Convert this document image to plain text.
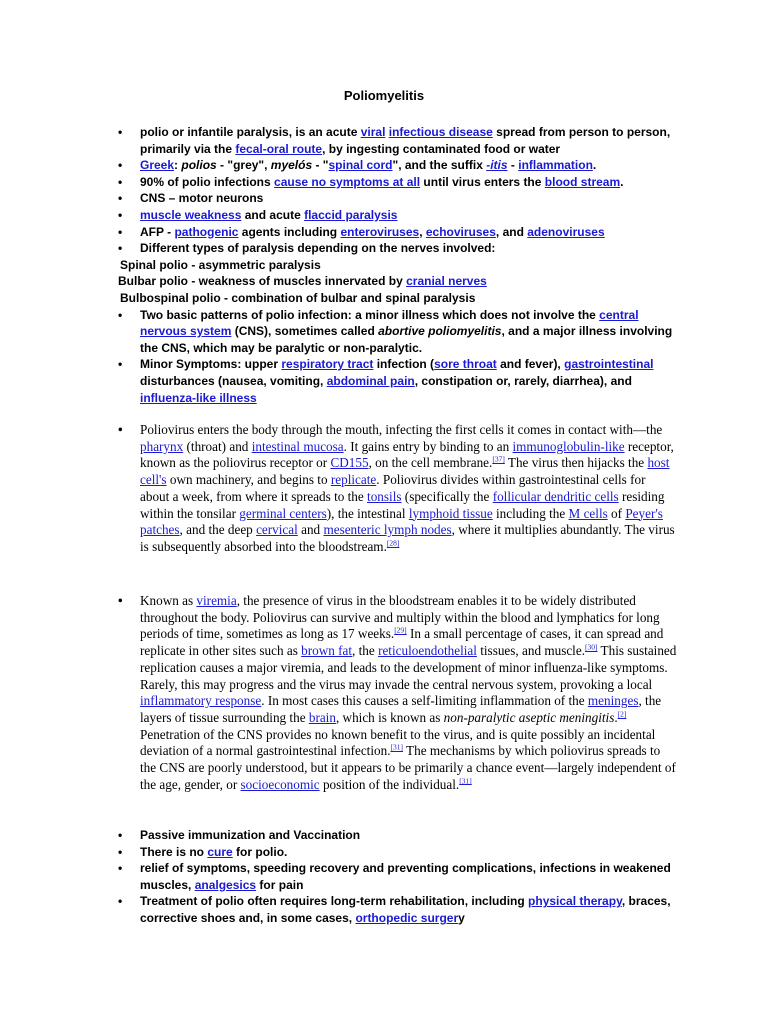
Poliomyelitis
• polio or infantile paralysis, is an acute viral infectious disease spread from person to person, primarily via the fecal-oral route, by ingesting contaminated food or water
• Greek: polios - "grey", myelós - "spinal cord", and the suffix -itis - inflammation.
• 90% of polio infections cause no symptoms at all until virus enters the blood stream.
• CNS – motor neurons
• muscle weakness and acute flaccid paralysis
• AFP - pathogenic agents including enteroviruses, echoviruses, and adenoviruses
• Different types of paralysis depending on the nerves involved:
Spinal polio - asymmetric paralysis
Bulbar polio - weakness of muscles innervated by cranial nerves
Bulbospinal polio - combination of bulbar and spinal paralysis
• Two basic patterns of polio infection: a minor illness which does not involve the central nervous system (CNS), sometimes called abortive poliomyelitis, and a major illness involving the CNS, which may be paralytic or non-paralytic.
• Minor Symptoms: upper respiratory tract infection (sore throat and fever), gastrointestinal disturbances (nausea, vomiting, abdominal pain, constipation or, rarely, diarrhea), and influenza-like illness
• Poliovirus enters the body through the mouth, infecting the first cells it comes in contact with—the pharynx (throat) and intestinal mucosa. It gains entry by binding to an immunoglobulin-like receptor, known as the poliovirus receptor or CD155, on the cell membrane.[37] The virus then hijacks the host cell's own machinery, and begins to replicate. Poliovirus divides within gastrointestinal cells for about a week, from where it spreads to the tonsils (specifically the follicular dendritic cells residing within the tonsilar germinal centers), the intestinal lymphoid tissue including the M cells of Peyer's patches, and the deep cervical and mesenteric lymph nodes, where it multiplies abundantly. The virus is subsequently absorbed into the bloodstream.[28]
• Known as viremia, the presence of virus in the bloodstream enables it to be widely distributed throughout the body. Poliovirus can survive and multiply within the blood and lymphatics for long periods of time, sometimes as long as 17 weeks.[29] In a small percentage of cases, it can spread and replicate in other sites such as brown fat, the reticuloendothelial tissues, and muscle.[30] This sustained replication causes a major viremia, and leads to the development of minor influenza-like symptoms. Rarely, this may progress and the virus may invade the central nervous system, provoking a local inflammatory response. In most cases this causes a self-limiting inflammation of the meninges, the layers of tissue surrounding the brain, which is known as non-paralytic aseptic meningitis.[2] Penetration of the CNS provides no known benefit to the virus, and is quite possibly an incidental deviation of a normal gastrointestinal infection.[31] The mechanisms by which poliovirus spreads to the CNS are poorly understood, but it appears to be primarily a chance event—largely independent of the age, gender, or socioeconomic position of the individual.[31]
• Passive immunization and Vaccination
• There is no cure for polio.
• relief of symptoms, speeding recovery and preventing complications, infections in weakened muscles, analgesics for pain
• Treatment of polio often requires long-term rehabilitation, including physical therapy, braces, corrective shoes and, in some cases, orthopedic surgery
